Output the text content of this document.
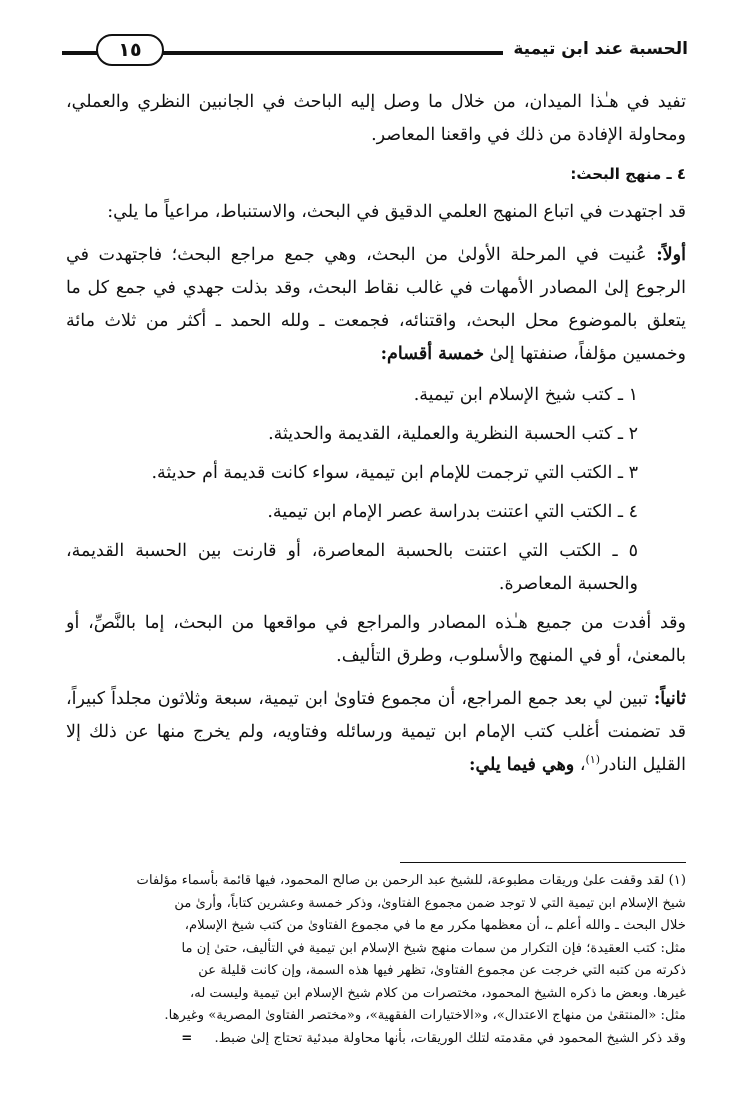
الحسبة عند ابن تيمية
١٥

تفيد في هـٰذا الميدان، من خلال ما وصل إليه الباحث في الجانبين النظري والعملي، ومحاولة الإفادة من ذلك في واقعنا المعاصر.

٤ ـ منهج البحث:

قد اجتهدت في اتباع المنهج العلمي الدقيق في البحث، والاستنباط، مراعياً ما يلي:

أولاً: عُنيت في المرحلة الأولىٰ من البحث، وهي جمع مراجع البحث؛ فاجتهدت في الرجوع إلىٰ المصادر الأمهات في غالب نقاط البحث، وقد بذلت جهدي في جمع كل ما يتعلق بالموضوع محل البحث، واقتنائه، فجمعت ـ ولله الحمد ـ أكثر من ثلاث مائة وخمسين مؤلفاً، صنفتها إلىٰ خمسة أقسام:

١ ـ كتب شيخ الإسلام ابن تيمية.
٢ ـ كتب الحسبة النظرية والعملية، القديمة والحديثة.
٣ ـ الكتب التي ترجمت للإمام ابن تيمية، سواء كانت قديمة أم حديثة.
٤ ـ الكتب التي اعتنت بدراسة عصر الإمام ابن تيمية.
٥ ـ الكتب التي اعتنت بالحسبة المعاصرة، أو قارنت بين الحسبة القديمة، والحسبة المعاصرة.

وقد أفدت من جميع هـٰذه المصادر والمراجع في مواقعها من البحث، إما بالنَّصِّ، أو بالمعنىٰ، أو في المنهج والأسلوب، وطرق التأليف.

ثانياً: تبين لي بعد جمع المراجع، أن مجموع فتاوىٰ ابن تيمية، سبعة وثلاثون مجلداً كبيراً، قد تضمنت أغلب كتب الإمام ابن تيمية ورسائله وفتاويه، ولم يخرج منها عن ذلك إلا القليل النادر$^{(١)}$، وهي فيما يلي:

(١) لقد وقفت علىٰ وريقات مطبوعة، للشيخ عبد الرحمن بن صالح المحمود، فيها قائمة بأسماء مؤلفات

شيخ الإسلام ابن تيمية التي لا توجد ضمن مجموع الفتاوىٰ، وذكر خمسة وعشرين كتاباً، وأرىٰ من

خلال البحث ـ والله أعلم ـ، أن معظمها مكرر مع ما في مجموع الفتاوىٰ من كتب شيخ الإسلام،

مثل: كتب العقيدة؛ فإن التكرار من سمات منهج شيخ الإسلام ابن تيمية في التأليف، حتىٰ إن ما

ذكرته من كتبه التي خرجت عن مجموع الفتاوىٰ، تظهر فيها هذه السمة، وإن كانت قليلة عن

غيرها. وبعض ما ذكره الشيخ المحمود، مختصرات من كلام شيخ الإسلام ابن تيمية وليست له،

مثل: «المنتقىٰ من منهاج الاعتدال»، و«الاختيارات الفقهية»، و«مختصر الفتاوىٰ المصرية» وغيرها.

وقد ذكر الشيخ المحمود في مقدمته لتلك الوريقات، بأنها محاولة مبدئية تحتاج إلىٰ ضبط. =
